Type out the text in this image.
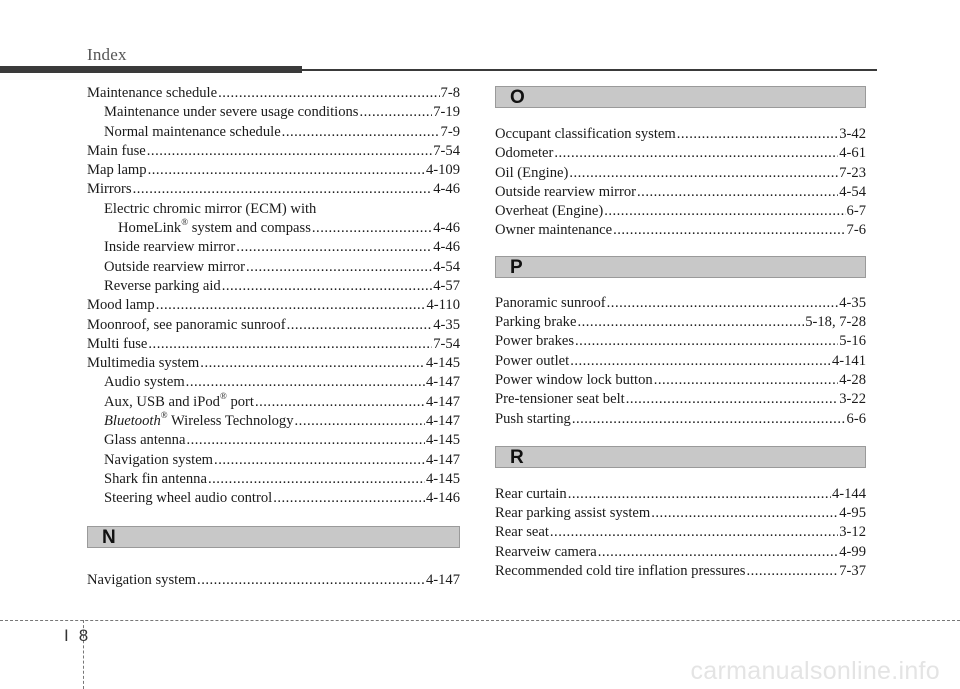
Index
Maintenance schedule .....	7-8
Maintenance under severe usage conditions .....	7-19
Normal maintenance schedule .....	7-9
Main fuse .....	7-54
Map lamp .....	4-109
Mirrors .....	4-46
Electric chromic mirror (ECM) with
HomeLink® system and compass .....	4-46
Inside rearview mirror .....	4-46
Outside rearview mirror .....	4-54
Reverse parking aid .....	4-57
Mood lamp .....	4-110
Moonroof, see panoramic sunroof .....	4-35
Multi fuse .....	7-54
Multimedia system .....	4-145
Audio system .....	4-147
Aux, USB and iPod® port .....	4-147
Bluetooth® Wireless Technology .....	4-147
Glass antenna .....	4-145
Navigation system .....	4-147
Shark fin antenna .....	4-145
Steering wheel audio control .....	4-146
N
Navigation system .....	4-147
O
Occupant classification system .....	3-42
Odometer .....	4-61
Oil (Engine) .....	7-23
Outside rearview mirror .....	4-54
Overheat (Engine) .....	6-7
Owner maintenance .....	7-6
P
Panoramic sunroof .....	4-35
Parking brake .....	5-18, 7-28
Power brakes .....	5-16
Power outlet .....	4-141
Power window lock button .....	4-28
Pre-tensioner seat belt .....	3-22
Push starting .....	6-6
R
Rear curtain .....	4-144
Rear parking assist system .....	4-95
Rear seat .....	3-12
Rearveiw camera .....	4-99
Recommended cold tire inflation pressures .....	7-37
I 8
carmanualsonline.info
